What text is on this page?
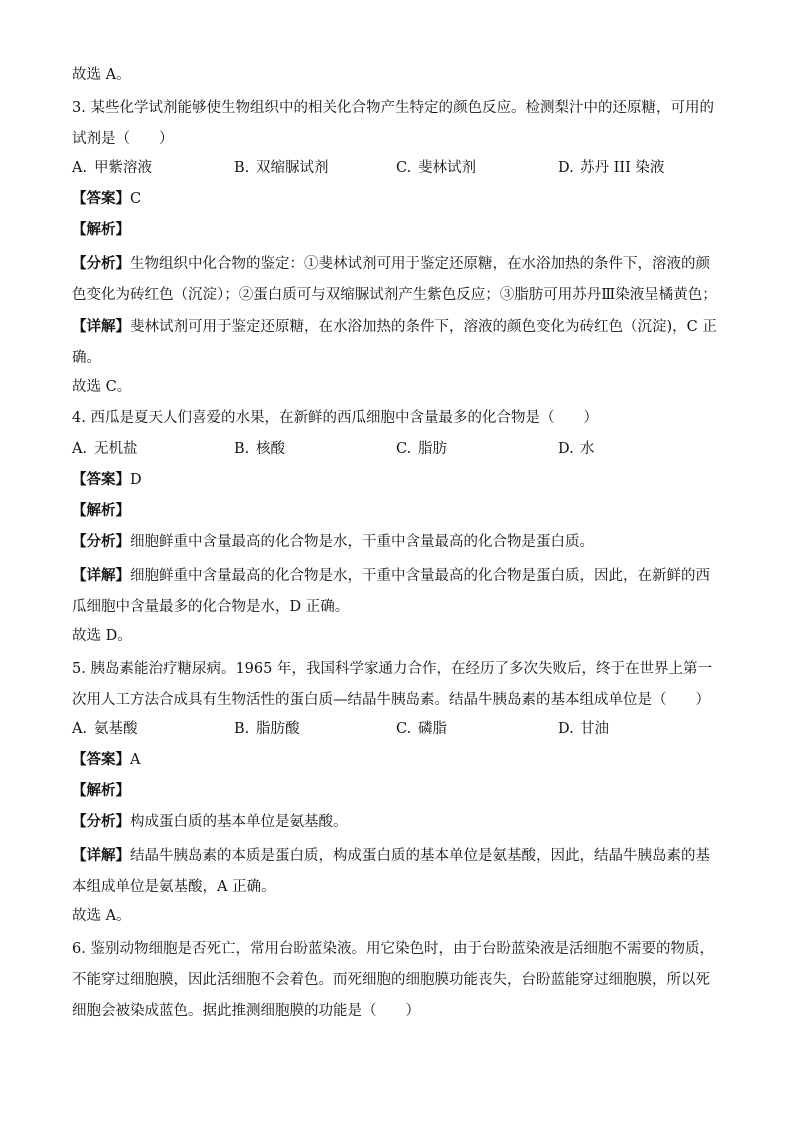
故选 A。
3. 某些化学试剂能够使生物组织中的相关化合物产生特定的颜色反应。检测梨汁中的还原糖，可用的试剂是（　　）
A. 甲紫溶液	B. 双缩脲试剂	C. 斐林试剂	D. 苏丹 III 染液
【答案】C
【解析】
【分析】生物组织中化合物的鉴定：①斐林试剂可用于鉴定还原糖，在水浴加热的条件下，溶液的颜色变化为砖红色（沉淀）；②蛋白质可与双缩脲试剂产生紫色反应；③脂肪可用苏丹Ⅲ染液呈橘黄色；
【详解】斐林试剂可用于鉴定还原糖，在水浴加热的条件下，溶液的颜色变化为砖红色（沉淀)，C 正确。
故选 C。
4. 西瓜是夏天人们喜爱的水果，在新鲜的西瓜细胞中含量最多的化合物是（　　）
A. 无机盐	B. 核酸	C. 脂肪	D. 水
【答案】D
【解析】
【分析】细胞鲜重中含量最高的化合物是水，干重中含量最高的化合物是蛋白质。
【详解】细胞鲜重中含量最高的化合物是水，干重中含量最高的化合物是蛋白质，因此，在新鲜的西瓜细胞中含量最多的化合物是水，D 正确。
故选 D。
5. 胰岛素能治疗糖尿病。1965 年，我国科学家通力合作，在经历了多次失败后，终于在世界上第一次用人工方法合成具有生物活性的蛋白质—结晶牛胰岛素。结晶牛胰岛素的基本组成单位是（　　）
A. 氨基酸	B. 脂肪酸	C. 磷脂	D. 甘油
【答案】A
【解析】
【分析】构成蛋白质的基本单位是氨基酸。
【详解】结晶牛胰岛素的本质是蛋白质，构成蛋白质的基本单位是氨基酸，因此，结晶牛胰岛素的基本组成单位是氨基酸，A 正确。
故选 A。
6. 鉴别动物细胞是否死亡，常用台盼蓝染液。用它染色时，由于台盼蓝染液是活细胞不需要的物质，不能穿过细胞膜，因此活细胞不会着色。而死细胞的细胞膜功能丧失，台盼蓝能穿过细胞膜，所以死细胞会被染成蓝色。据此推测细胞膜的功能是（　　）
